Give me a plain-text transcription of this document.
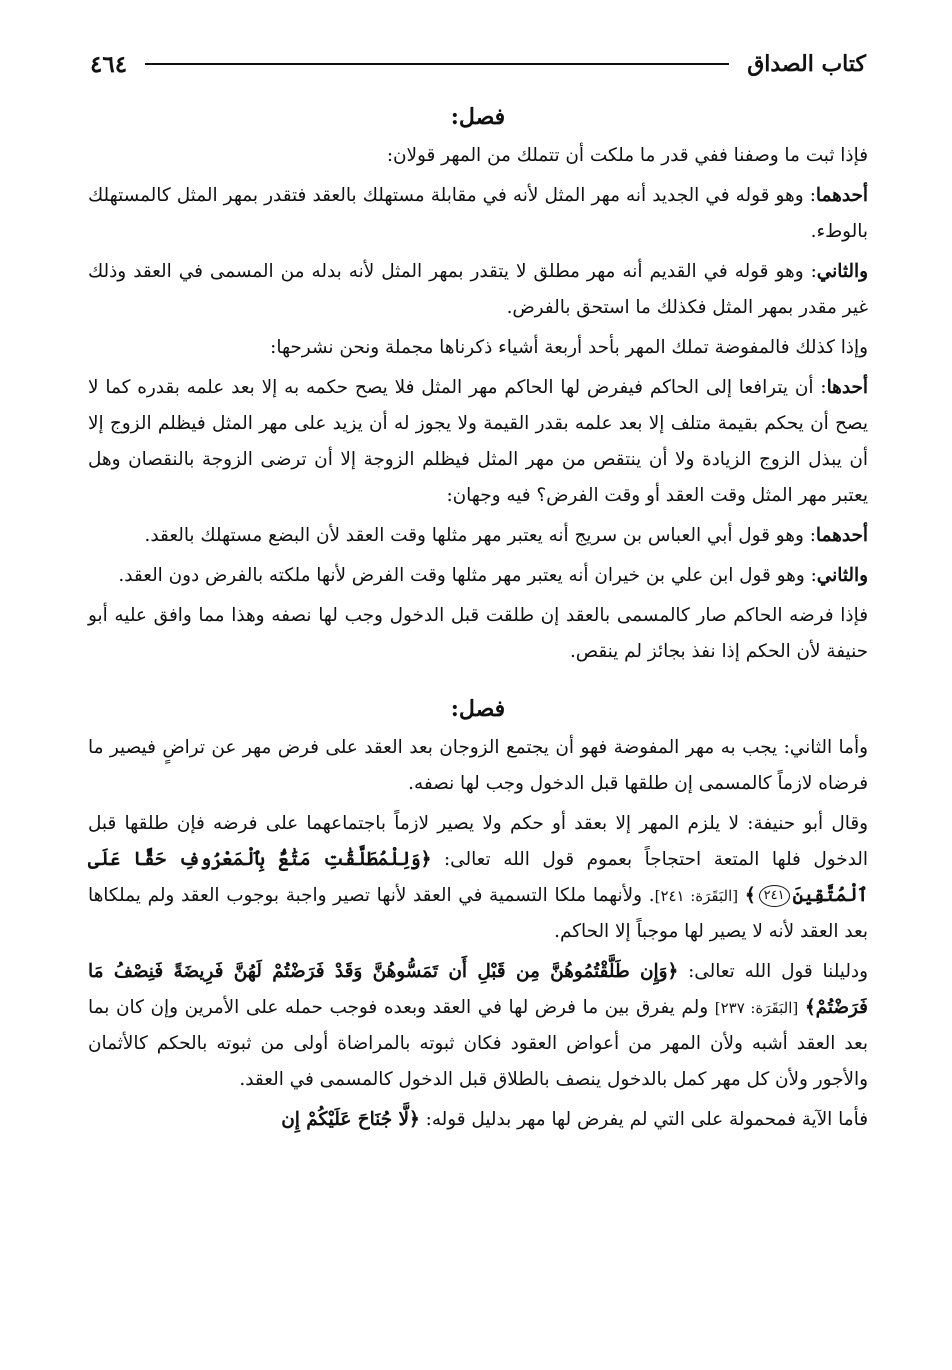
كتاب الصداق
٤٦٤
فصل:

فإذا ثبت ما وصفنا ففي قدر ما ملكت أن تتملك من المهر قولان:

أحدهما: وهو قوله في الجديد أنه مهر المثل لأنه في مقابلة مستهلك بالعقد فتقدر بمهر المثل كالمستهلك بالوطء.

والثاني: وهو قوله في القديم أنه مهر مطلق لا يتقدر بمهر المثل لأنه بدله من المسمى في العقد وذلك غير مقدر بمهر المثل فكذلك ما استحق بالفرض.

وإذا كذلك فالمفوضة تملك المهر بأحد أربعة أشياء ذكرناها مجملة ونحن نشرحها:

أحدها: أن يترافعا إلى الحاكم فيفرض لها الحاكم مهر المثل فلا يصح حكمه به إلا بعد علمه بقدره كما لا يصح أن يحكم بقيمة متلف إلا بعد علمه بقدر القيمة ولا يجوز له أن يزيد على مهر المثل فيظلم الزوج إلا أن يبذل الزوج الزيادة ولا أن ينتقص من مهر المثل فيظلم الزوجة إلا أن ترضى الزوجة بالنقصان وهل يعتبر مهر المثل وقت العقد أو وقت الفرض؟ فيه وجهان:

أحدهما: وهو قول أبي العباس بن سريج أنه يعتبر مهر مثلها وقت العقد لأن البضع مستهلك بالعقد.

والثاني: وهو قول ابن علي بن خيران أنه يعتبر مهر مثلها وقت الفرض لأنها ملكته بالفرض دون العقد.

فإذا فرضه الحاكم صار كالمسمى بالعقد إن طلقت قبل الدخول وجب لها نصفه وهذا مما وافق عليه أبو حنيفة لأن الحكم إذا نفذ بجائز لم ينقص.

فصل:

وأما الثاني: يجب به مهر المفوضة فهو أن يجتمع الزوجان بعد العقد على فرض مهر عن تراضٍ فيصير ما فرضاه لازماً كالمسمى إن طلقها قبل الدخول وجب لها نصفه.

وقال أبو حنيفة: لا يلزم المهر إلا بعقد أو حكم ولا يصير لازماً باجتماعهما على فرضه فإن طلقها قبل الدخول فلها المتعة احتجاجاً بعموم قول الله تعالى: ﴿وَلِلْمُطَلَّقَٰتِ مَتَٰعٌۢ بِٱلْمَعْرُوفِ حَقًّا عَلَى ٱلْمُتَّقِينَ٢٤١﴾ [البَقَرَة: ٢٤١]. ولأنهما ملكا التسمية في العقد لأنها تصير واجبة بوجوب العقد ولم يملكاها بعد العقد لأنه لا يصير لها موجباً إلا الحاكم.

ودليلنا قول الله تعالى: ﴿وَإِن طَلَّقْتُمُوهُنَّ مِن قَبْلِ أَن تَمَسُّوهُنَّ وَقَدْ فَرَضْتُمْ لَهُنَّ فَرِيضَةً فَنِصْفُ مَا فَرَضْتُمْ﴾ [البَقَرَة: ٢٣٧] ولم يفرق بين ما فرض لها في العقد وبعده فوجب حمله على الأمرين وإن كان بما بعد العقد أشبه ولأن المهر من أعواض العقود فكان ثبوته بالمراضاة أولى من ثبوته بالحكم كالأثمان والأجور ولأن كل مهر كمل بالدخول ينصف بالطلاق قبل الدخول كالمسمى في العقد.

فأما الآية فمحمولة على التي لم يفرض لها مهر بدليل قوله: ﴿لَّا جُنَاحَ عَلَيْكُمْ إِن
